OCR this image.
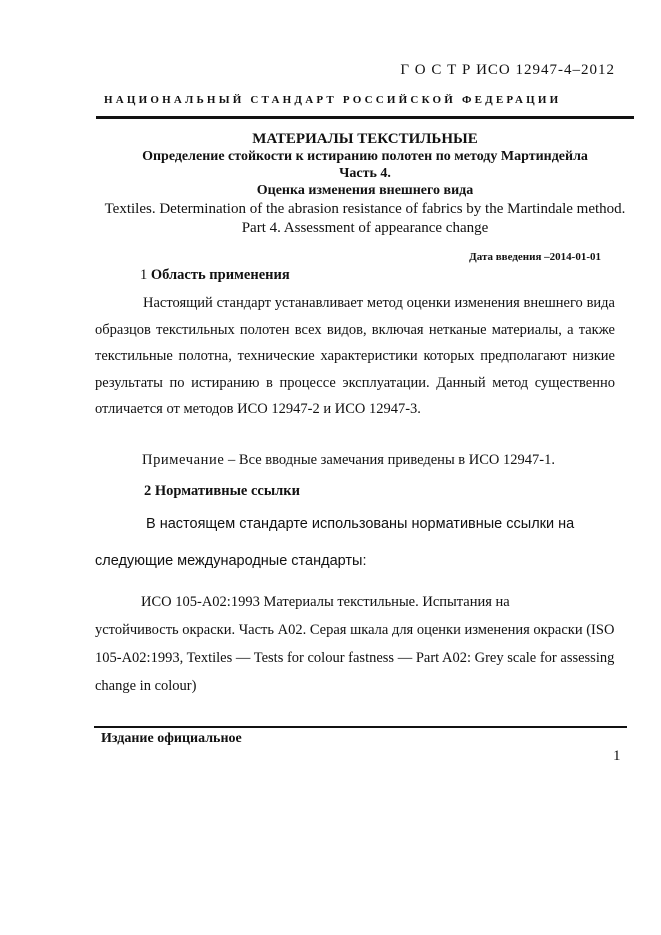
Г О С Т Р ИСО 12947-4–2012
НАЦИОНАЛЬНЫЙ СТАНДАРТ РОССИЙСКОЙ ФЕДЕРАЦИИ
МАТЕРИАЛЫ ТЕКСТИЛЬНЫЕ
Определение стойкости к истиранию полотен по методу Мартиндейла
Часть 4.
Оценка изменения внешнего вида
Textiles. Determination of the abrasion resistance of fabrics by the Martindale method. Part 4. Assessment of appearance change
Дата введения –2014-01-01
1 Область применения
Настоящий стандарт устанавливает метод оценки изменения внешнего вида образцов текстильных полотен всех видов, включая нетканые материалы, а также текстильные полотна, технические характеристики которых предполагают низкие результаты по истиранию в процессе эксплуатации. Данный метод существенно отличается от методов ИСО 12947-2 и ИСО 12947-3.
Примечание – Все вводные замечания приведены в ИСО 12947-1.
2 Нормативные ссылки
В настоящем стандарте использованы нормативные ссылки на
следующие международные стандарты:
ИСО 105-А02:1993 Материалы текстильные. Испытания на
устойчивость окраски. Часть А02. Серая шкала для оценки изменения окраски (ISO 105-A02:1993, Textiles — Tests for colour fastness — Part A02: Grey scale for assessing change in colour)
Издание официальное
1
